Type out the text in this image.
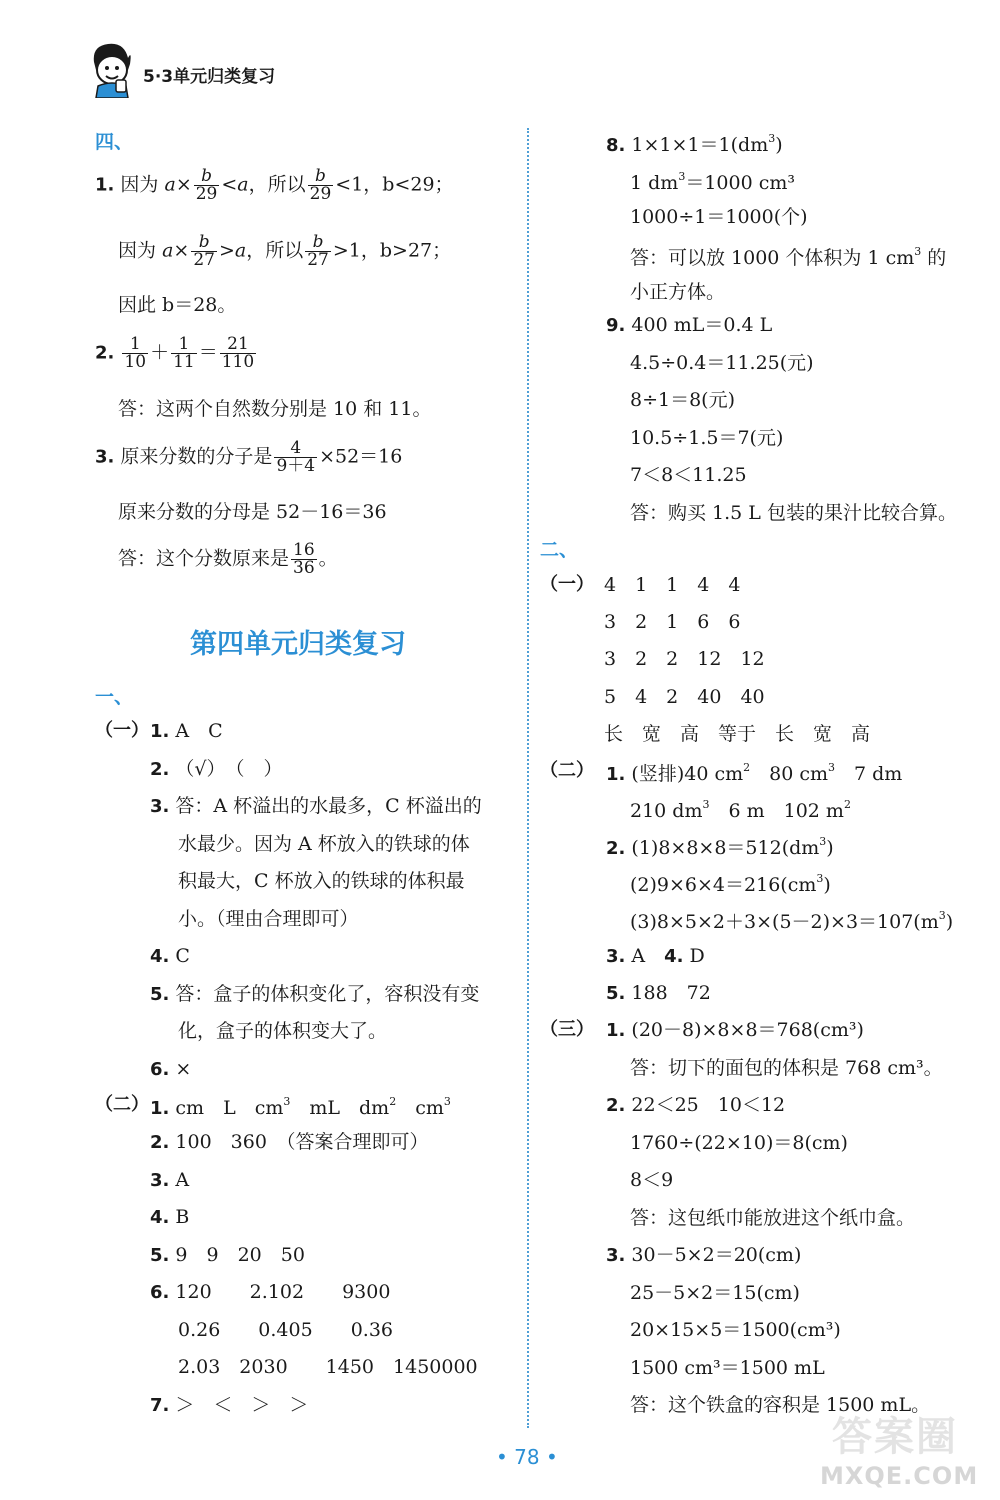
5·3单元归类复习
四、
1. 因为 $a\times \frac{b}{29} <a$，所以 $\frac{b}{29} <1$，b<29；
因为 $a\times \frac{b}{27} >a$，所以 $\frac{b}{27} >1$，b>27；
因此 b＝28。
2. $\frac{1}{10} + \frac{1}{11} = \frac{21}{110}$
答：这两个自然数分别是 10 和 11。
3. 原来分数的分子是 $\frac{4}{9+4} \times 52=16$
原来分数的分母是 52－16＝36
答：这个分数原来是 $\frac{16}{36}$ 。
第四单元归类复习
一、
（一）
（二） 1. cm　L　$cm^3$　mL　$dm^2$　$cm^3$
二、
（一）
（二） 1. (竖排)40 $cm^2$　80 $cm^3$　7 dm
210 $dm^3$　6 m　102 $m^2$
2. $(1)8\times 8\times 8=512(dm^3)$
$(2)9\times 6\times 4=216(cm^3)$
$(3)8\times 5\times 2+3\times(5-2)\times 3=107(m^3)$
3. A　4. D
5. 188　72
（三）
答案圈
MXQE.COM
• 78 •
1. A　C
2. （√）　（　）
3. 答：A 杯溢出的水最多，C 杯溢出的
水最少。因为 A 杯放入的铁球的体
积最大，C 杯放入的铁球的体积最
小。（理由合理即可）
4. C
5. 答：盒子的体积变化了，容积没有变
化，盒子的体积变大了。
6. ×
2. 100　360　（答案合理即可）
3. A
4. B
5. 9　9　20　50
6. 120　　2.102　　9300
0.26　　0.405　　0.36
2.03　2030　　1450　1450000
7. ＞　＜　＞　＞
8. $1\times 1\times 1=1(dm^3)$
1 $dm^3=1000$ cm³
1000÷1＝1000(个)
答：可以放 1000 个体积为 1 $cm^3$ 的
小正方体。
9. 400 mL＝0.4 L
4.5÷0.4＝11.25(元)
8÷1＝8(元)
10.5÷1.5＝7(元)
7＜8＜11.25
答：购买 1.5 L 包装的果汁比较合算。
4　1　1　4　4
3　2　1　6　6
3　2　2　12　12
5　4　2　40　40
长　宽　高　等于　长　宽　高
1. (20－8)×8×8＝768(cm³)
答：切下的面包的体积是 768 cm³。
2. 22＜25　10＜12
1760÷(22×10)＝8(cm)
8＜9
答：这包纸巾能放进这个纸巾盒。
3. 30－5×2＝20(cm)
25－5×2＝15(cm)
20×15×5＝1500(cm³)
1500 cm³＝1500 mL
答：这个铁盒的容积是 1500 mL。
